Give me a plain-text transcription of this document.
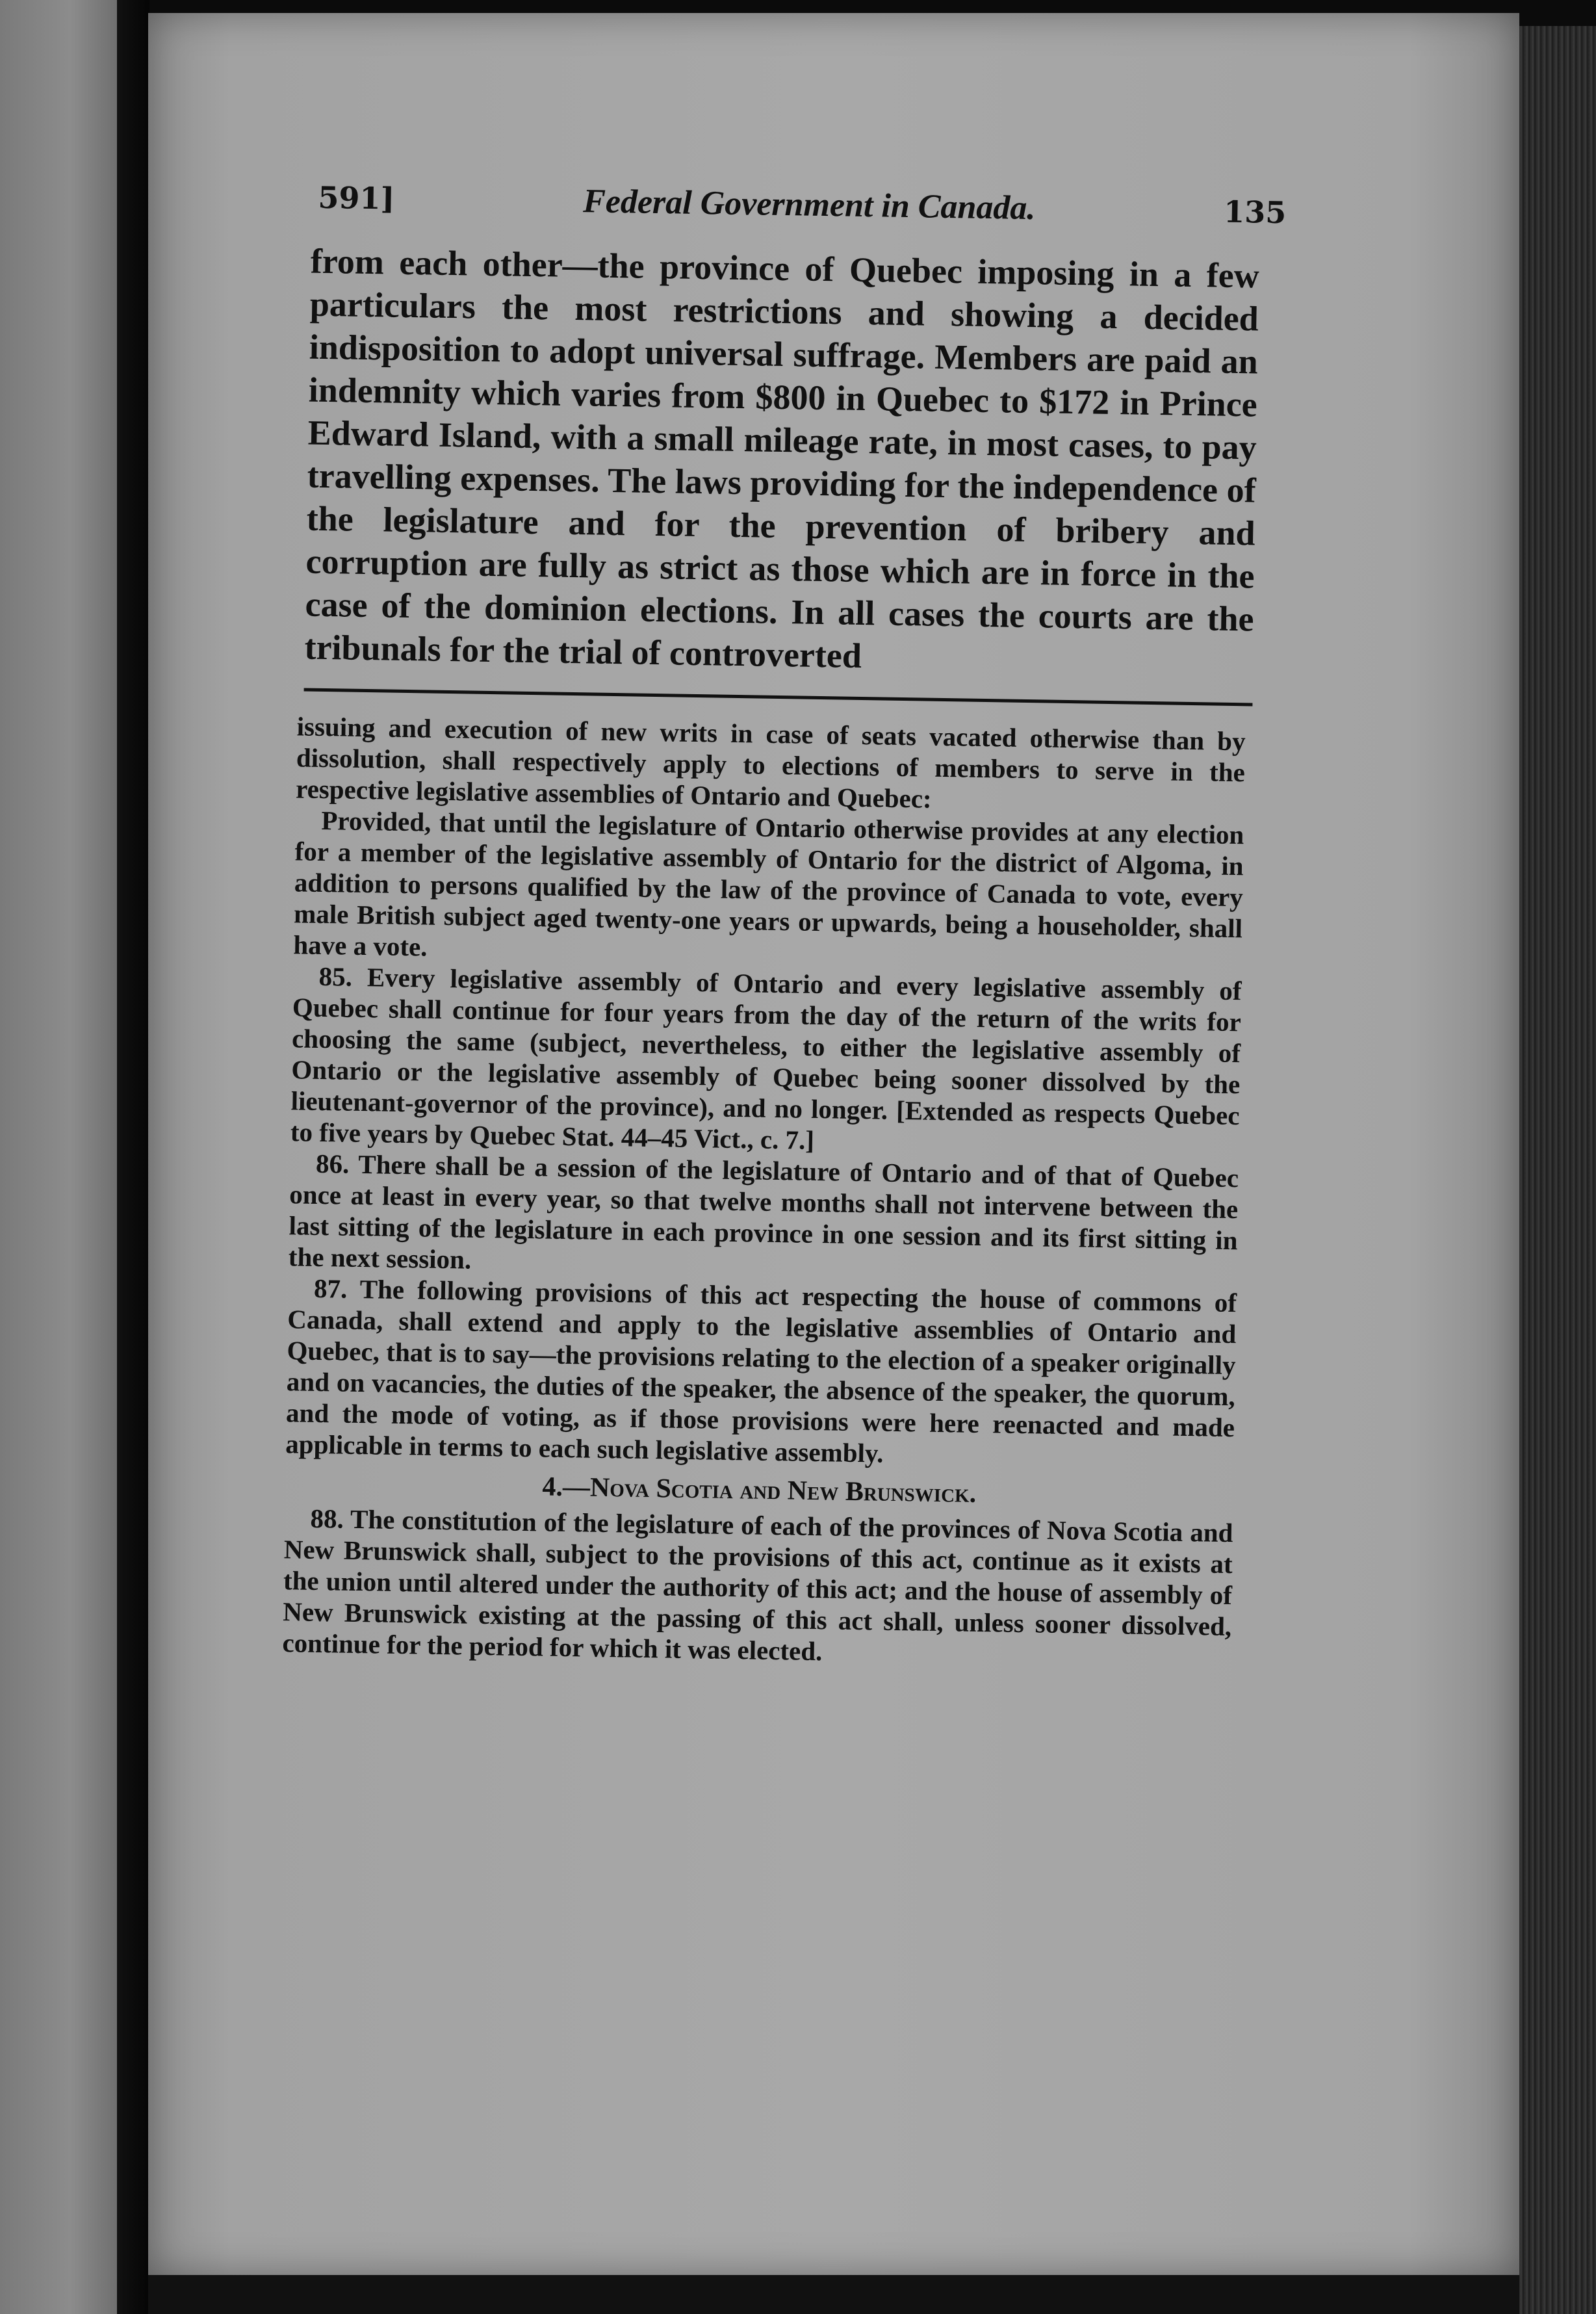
591]	Federal Government in Canada.	135
from each other—the province of Quebec imposing in a few particulars the most restrictions and showing a decided indisposition to adopt universal suffrage. Members are paid an indemnity which varies from $800 in Quebec to $172 in Prince Edward Island, with a small mileage rate, in most cases, to pay travelling expenses. The laws providing for the independence of the legislature and for the prevention of bribery and corruption are fully as strict as those which are in force in the case of the dominion elections. In all cases the courts are the tribunals for the trial of controverted

issuing and execution of new writs in case of seats vacated otherwise than by dissolution, shall respectively apply to elections of members to serve in the respective legislative assemblies of Ontario and Quebec:

Provided, that until the legislature of Ontario otherwise provides at any election for a member of the legislative assembly of Ontario for the district of Algoma, in addition to persons qualified by the law of the province of Canada to vote, every male British subject aged twenty-one years or upwards, being a householder, shall have a vote.

85. Every legislative assembly of Ontario and every legislative assembly of Quebec shall continue for four years from the day of the return of the writs for choosing the same (subject, nevertheless, to either the legislative assembly of Ontario or the legislative assembly of Quebec being sooner dissolved by the lieutenant-governor of the province), and no longer. [Extended as respects Quebec to five years by Quebec Stat. 44–45 Vict., c. 7.]

86. There shall be a session of the legislature of Ontario and of that of Quebec once at least in every year, so that twelve months shall not intervene between the last sitting of the legislature in each province in one session and its first sitting in the next session.

87. The following provisions of this act respecting the house of commons of Canada, shall extend and apply to the legislative assemblies of Ontario and Quebec, that is to say—the provisions relating to the election of a speaker originally and on vacancies, the duties of the speaker, the absence of the speaker, the quorum, and the mode of voting, as if those provisions were here reenacted and made applicable in terms to each such legislative assembly.

4.—Nova Scotia and New Brunswick.

88. The constitution of the legislature of each of the provinces of Nova Scotia and New Brunswick shall, subject to the provisions of this act, continue as it exists at the union until altered under the authority of this act; and the house of assembly of New Brunswick existing at the passing of this act shall, unless sooner dissolved, continue for the period for which it was elected.
